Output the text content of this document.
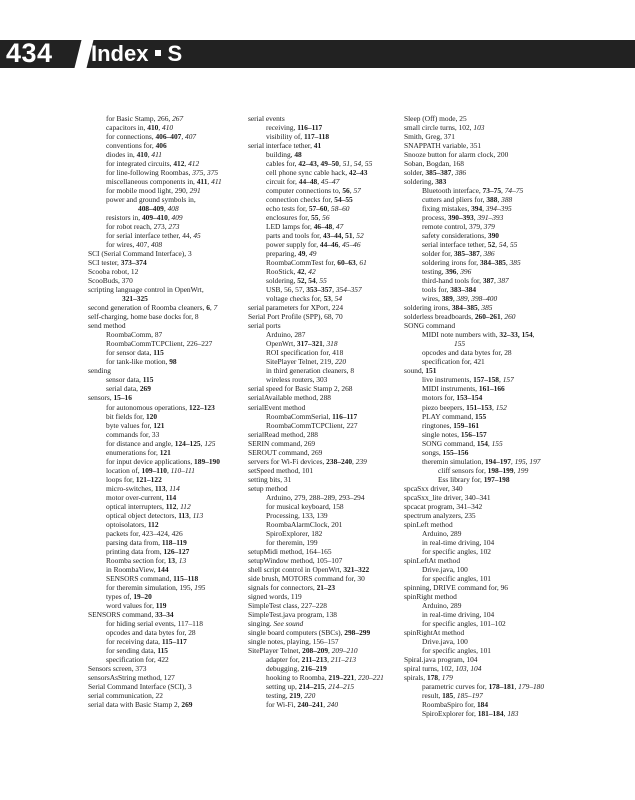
434 Index S
for Basic Stamp, 266, 267
capacitors in, 410, 410
for connections, 406–407, 407
conventions for, 406
diodes in, 410, 411
for integrated circuits, 412, 412
for line-following Roombas, 375, 375
miscellaneous components in, 411, 411
for mobile mood light, 290, 291
power and ground symbols in,
408–409, 408
resistors in, 409–410, 409
for robot reach, 273, 273
for serial interface tether, 44, 45
for wires, 407, 408
SCI (Serial Command Interface), 3
SCI tester, 373–374
Scooba robot, 12
ScooBuds, 370
scripting language control in OpenWrt,
321–325
second generation of Roomba cleaners, 6, 7
self-charging, home base docks for, 8
send method
RoombaComm, 87
RoombaCommTCPClient, 226–227
for sensor data, 115
for tank-like motion, 98
sending
sensor data, 115
serial data, 269
sensors, 15–16
for autonomous operations, 122–123
bit fields for, 120
byte values for, 121
commands for, 33
for distance and angle, 124–125, 125
enumerations for, 121
for input device applications, 189–190
location of, 109–110, 110–111
loops for, 121–122
micro-switches, 113, 114
motor over-current, 114
optical interrupters, 112, 112
optical object detectors, 113, 113
optoisolators, 112
packets for, 423–424, 426
parsing data from, 118–119
printing data from, 126–127
Roomba section for, 13, 13
in RoombaView, 144
SENSORS command, 115–118
for theremin simulation, 195, 195
types of, 19–20
word values for, 119
SENSORS command, 33–34
for hiding serial events, 117–118
opcodes and data bytes for, 28
for receiving data, 115–117
for sending data, 115
specification for, 422
Sensors screen, 373
sensorsAsString method, 127
Serial Command Interface (SCI), 3
serial communication, 22
serial data with Basic Stamp 2, 269
serial events
receiving, 116–117
visibility of, 117–118
serial interface tether, 41
building, 48
cables for, 42–43, 49–50, 51, 54, 55
cell phone sync cable hack, 42–43
circuit for, 44–48, 45–47
computer connections to, 56, 57
connection checks for, 54–55
echo tests for, 57–60, 58–60
enclosures for, 55, 56
LED lamps for, 46–48, 47
parts and tools for, 43–44, 51, 52
power supply for, 44–46, 45–46
preparing, 49, 49
RoombaCommTest for, 60–63, 61
RooStick, 42, 42
soldering, 52, 54, 55
USB, 56, 57, 353–357, 354–357
voltage checks for, 53, 54
serial parameters for XPort, 224
Serial Port Profile (SPP), 68, 70
serial ports
Arduino, 287
OpenWrt, 317–321, 318
ROI specification for, 418
SitePlayer Telnet, 219, 220
in third generation cleaners, 8
wireless routers, 303
serial speed for Basic Stamp 2, 268
serialAvailable method, 288
serialEvent method
RoombaCommSerial, 116–117
RoombaCommTCPClient, 227
serialRead method, 288
SERIN command, 269
SEROUT command, 269
servers for Wi-Fi devices, 238–240, 239
setSpeed method, 101
setting bits, 31
setup method
Arduino, 279, 288–289, 293–294
for musical keyboard, 158
Processing, 133, 139
RoombaAlarmClock, 201
SpiroExplorer, 182
for theremin, 199
setupMidi method, 164–165
setupWindow method, 105–107
shell script control in OpenWrt, 321–322
side brush, MOTORS command for, 30
signals for connectors, 21–23
signed words, 119
SimpleTest class, 227–228
SimpleTest.java program, 138
singing. See sound
single board computers (SBCs), 298–299
single notes, playing, 156–157
SitePlayer Telnet, 208–209, 209–210
adapter for, 211–213, 211–213
debugging, 216–219
hooking to Roomba, 219–221, 220–221
setting up, 214–215, 214–215
testing, 219, 220
for Wi-Fi, 240–241, 240
Sleep (Off) mode, 25
small circle turns, 102, 103
Smith, Greg, 371
SNAPPATH variable, 351
Snooze button for alarm clock, 200
Soban, Bogdan, 168
solder, 385–387, 386
soldering, 383
Bluetooth interface, 73–75, 74–75
cutters and pliers for, 388, 388
fixing mistakes, 394, 394–395
process, 390–393, 391–393
remote control, 379, 379
safety considerations, 390
serial interface tether, 52, 54, 55
solder for, 385–387, 386
soldering irons for, 384–385, 385
testing, 396, 396
third-hand tools for, 387, 387
tools for, 383–384
wires, 389, 389, 398–400
soldering irons, 384–385, 385
solderless breadboards, 260–261, 260
SONG command
MIDI note numbers with, 32–33, 154,
155
opcodes and data bytes for, 28
specification for, 421
sound, 151
live instruments, 157–158, 157
MIDI instruments, 161–166
motors for, 153–154
piezo beepers, 151–153, 152
PLAY command, 155
ringtones, 159–161
single notes, 156–157
SONG command, 154, 155
songs, 155–156
theremin simulation, 194–197, 195, 197
cliff sensors for, 198–199, 199
Ess library for, 197–198
spcaSxx driver, 340
spcaSxx_lite driver, 340–341
spcacat program, 341–342
spectrum analyzers, 235
spinLeft method
Arduino, 289
in real-time driving, 104
for specific angles, 102
spinLeftAt method
Drive.java, 100
for specific angles, 101
spinning, DRIVE command for, 96
spinRight method
Arduino, 289
in real-time driving, 104
for specific angles, 101–102
spinRightAt method
Drive.java, 100
for specific angles, 101
Spiral.java program, 104
spiral turns, 102, 103, 104
spirals, 178, 179
parametric curves for, 178–181, 179–180
result, 185, 185–197
RoombaSpiro for, 184
SpiroExplorer for, 181–184, 183
